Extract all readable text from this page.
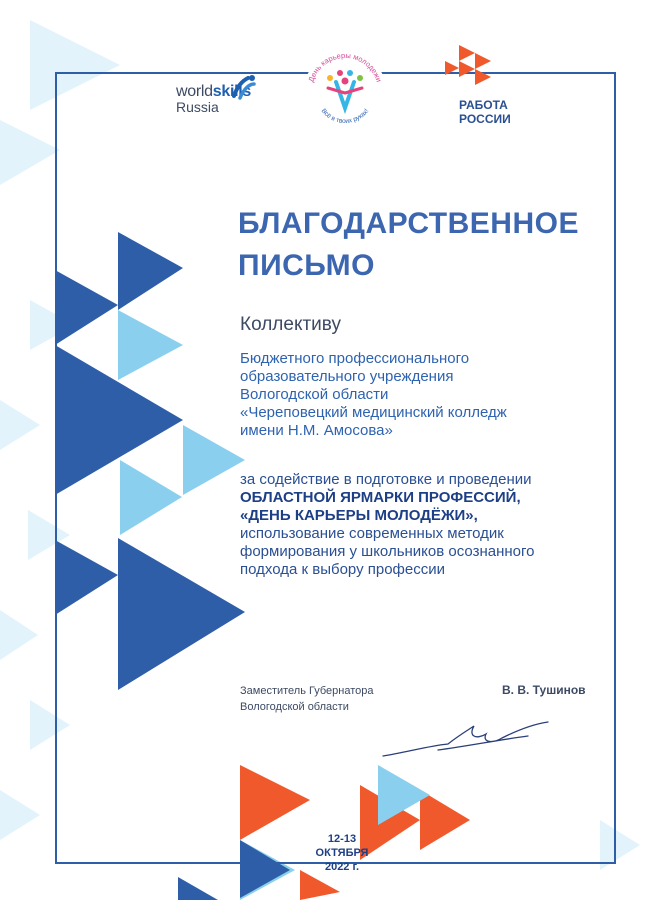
worldskills
Russia
День карьеры молодежи
Всё в твоих руках!	РАБОТА
РОССИИ
БЛАГОДАРСТВЕННОЕ
ПИСЬМО
Коллективу
Бюджетного профессионального
образовательного учреждения
Вологодской области
«Череповецкий медицинский колледж
имени Н.М. Амосова»
за содействие в подготовке и проведении
ОБЛАСТНОЙ ЯРМАРКИ ПРОФЕССИЙ,
«ДЕНЬ КАРЬЕРЫ МОЛОДЁЖИ»,
использование современных методик
формирования у школьников осознанного
подхода к выбору профессии
Заместитель Губернатора
Вологодской области
В. В. Тушинов
12-13
ОКТЯБРЯ
2022 г.
